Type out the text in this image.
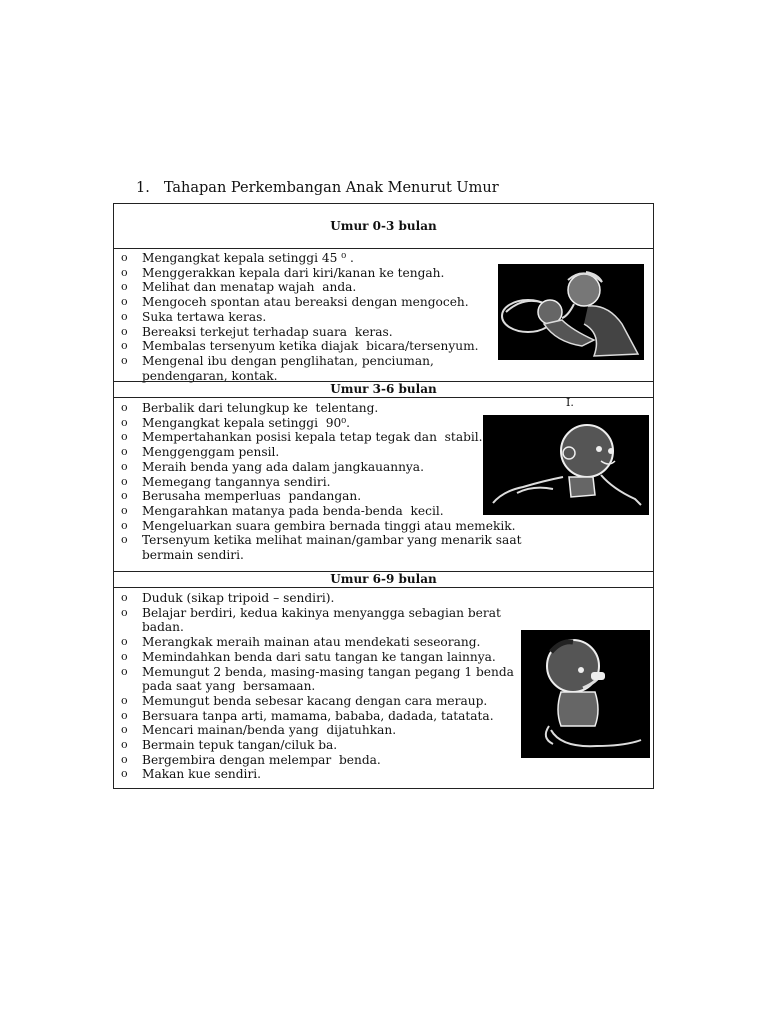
1. Tahapan Perkembangan Anak Menurut Umur
Umur 0-3 bulan
o Mengangkat kepala setinggi 45 ⁰ .
o Menggerakkan kepala dari kiri/kanan ke tengah.
o Melihat dan menatap wajah  anda.
o Mengoceh spontan atau bereaksi dengan mengoceh.
o Suka tertawa keras.
o Bereaksi terkejut terhadap suara  keras.
o Membalas tersenyum ketika diajak  bicara/tersenyum.
o Mengenal ibu dengan penglihatan, penciuman, pendengaran, kontak.
Umur 3-6 bulan
o Berbalik dari telungkup ke  telentang.
o Mengangkat kepala setinggi  90⁰.
o Mempertahankan posisi kepala tetap tegak dan  stabil.
o Menggenggam pensil.
o Meraih benda yang ada dalam jangkauannya.
o Memegang tangannya sendiri.
o Berusaha memperluas  pandangan.
o Mengarahkan matanya pada benda-benda  kecil.
o Mengeluarkan suara gembira bernada tinggi atau memekik.
o Tersenyum ketika melihat mainan/gambar yang menarik saat bermain sendiri.
Umur 6-9 bulan
o Duduk (sikap tripoid – sendiri).
o Belajar berdiri, kedua kakinya menyangga sebagian berat badan.
o Merangkak meraih mainan atau mendekati seseorang.
o Memindahkan benda dari satu tangan ke tangan lainnya.
o Memungut 2 benda, masing-masing tangan pegang 1 benda pada saat yang  bersamaan.
o Memungut benda sebesar kacang dengan cara meraup.
o Bersuara tanpa arti, mamama, bababa, dadada, tatatata.
o Mencari mainan/benda yang  dijatuhkan.
o Bermain tepuk tangan/ciluk ba.
o Bergembira dengan melempar  benda.
o Makan kue sendiri.
I.
